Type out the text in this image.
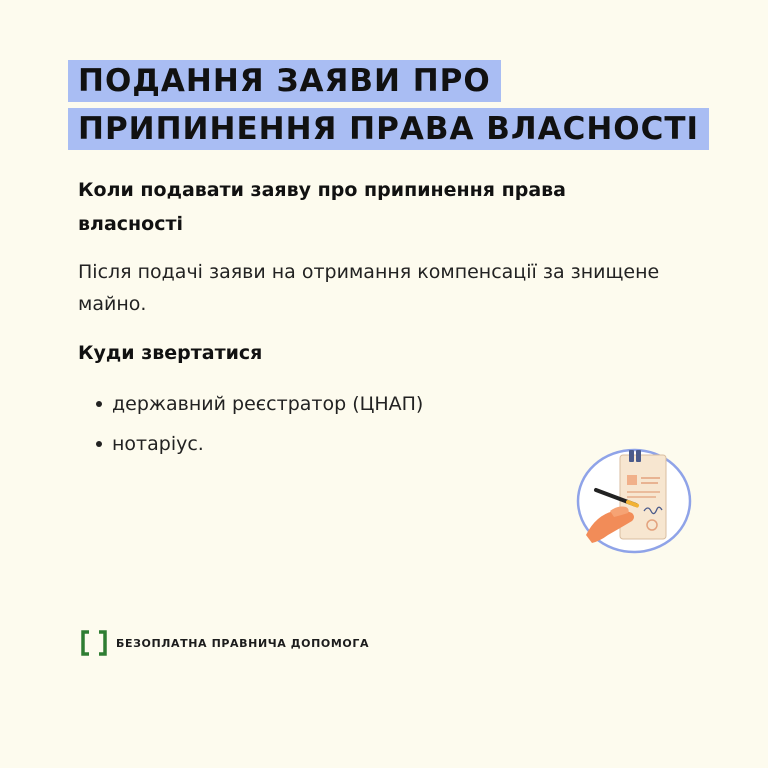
ПОДАННЯ ЗАЯВИ ПРО
ПРИПИНЕННЯ ПРАВА ВЛАСНОСТІ
Коли подавати заяву про припинення права
власності
Після подачі заяви на отримання компенсації за знищене
майно.
Куди звертатися
державний реєстратор (ЦНАП)
нотаріус.
БЕЗОПЛАТНА ПРАВНИЧА ДОПОМОГА
